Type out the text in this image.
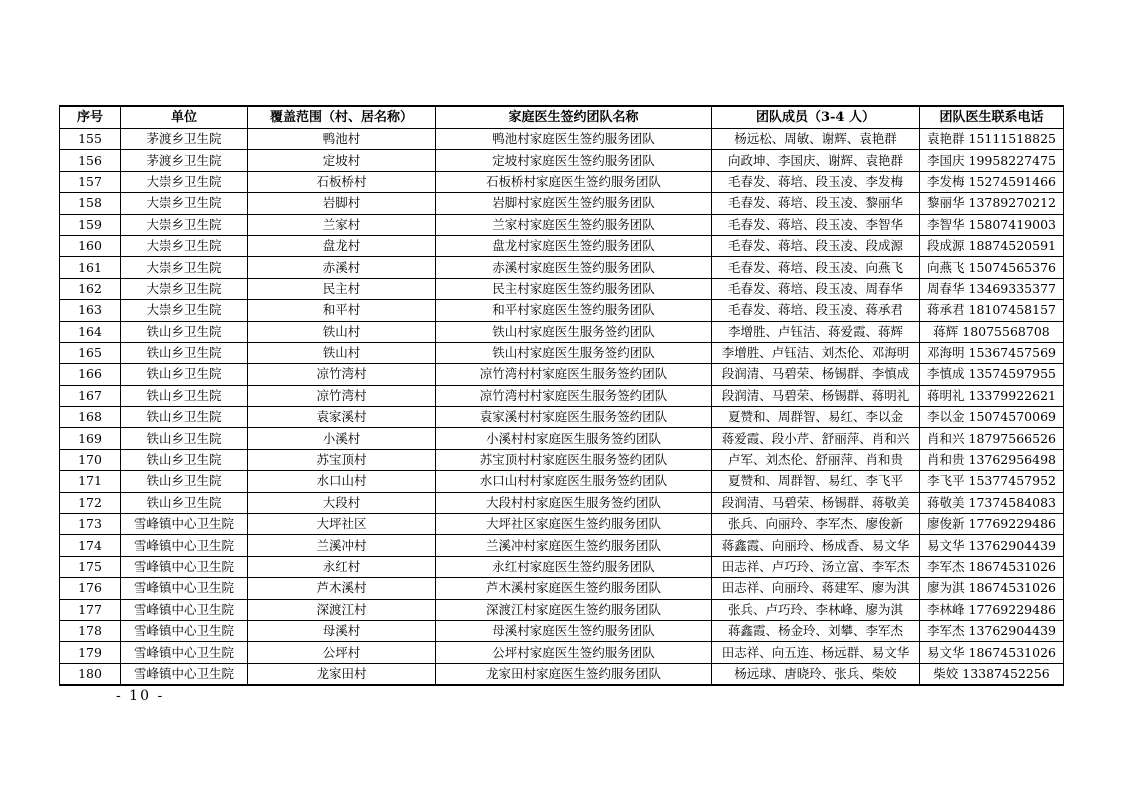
序号	单位	覆盖范围（村、居名称）	家庭医生签约团队名称	团队成员（3-4 人）	团队医生联系电话
155	茅渡乡卫生院	鸭池村	鸭池村家庭医生签约服务团队	杨远松、周敏、谢辉、袁艳群	袁艳群 15111518825
156	茅渡乡卫生院	定坡村	定坡村家庭医生签约服务团队	向政坤、李国庆、谢辉、袁艳群	李国庆 19958227475
157	大崇乡卫生院	石板桥村	石板桥村家庭医生签约服务团队	毛春发、蒋培、段玉凌、李发梅	李发梅 15274591466
158	大崇乡卫生院	岩脚村	岩脚村家庭医生签约服务团队	毛春发、蒋培、段玉凌、黎丽华	黎丽华 13789270212
159	大崇乡卫生院	兰家村	兰家村家庭医生签约服务团队	毛春发、蒋培、段玉凌、李智华	李智华 15807419003
160	大崇乡卫生院	盘龙村	盘龙村家庭医生签约服务团队	毛春发、蒋培、段玉凌、段成源	段成源 18874520591
161	大崇乡卫生院	赤溪村	赤溪村家庭医生签约服务团队	毛春发、蒋培、段玉凌、向燕飞	向燕飞 15074565376
162	大崇乡卫生院	民主村	民主村家庭医生签约服务团队	毛春发、蒋培、段玉凌、周春华	周春华 13469335377
163	大崇乡卫生院	和平村	和平村家庭医生签约服务团队	毛春发、蒋培、段玉凌、蒋承君	蒋承君 18107458157
164	铁山乡卫生院	铁山村	铁山村家庭医生服务签约团队	李增胜、卢钰洁、蒋爱霞、蒋辉	蒋辉 18075568708
165	铁山乡卫生院	铁山村	铁山村家庭医生服务签约团队	李增胜、卢钰洁、刘杰伦、邓海明	邓海明 15367457569
166	铁山乡卫生院	凉竹湾村	凉竹湾村村家庭医生服务签约团队	段润清、马碧荣、杨锡群、李慎成	李慎成 13574597955
167	铁山乡卫生院	凉竹湾村	凉竹湾村村家庭医生服务签约团队	段润清、马碧荣、杨锡群、蒋明礼	蒋明礼 13379922621
168	铁山乡卫生院	袁家溪村	袁家溪村村家庭医生服务签约团队	夏赞和、周群智、易红、李以金	李以金 15074570069
169	铁山乡卫生院	小溪村	小溪村村家庭医生服务签约团队	蒋爱霞、段小芹、舒丽萍、肖和兴	肖和兴 18797566526
170	铁山乡卫生院	苏宝顶村	苏宝顶村村家庭医生服务签约团队	卢军、刘杰伦、舒丽萍、肖和贵	肖和贵 13762956498
171	铁山乡卫生院	水口山村	水口山村村家庭医生服务签约团队	夏赞和、周群智、易红、李飞平	李飞平 15377457952
172	铁山乡卫生院	大段村	大段村村家庭医生服务签约团队	段润清、马碧荣、杨锡群、蒋敬美	蒋敬美 17374584083
173	雪峰镇中心卫生院	大坪社区	大坪社区家庭医生签约服务团队	张兵、向丽玲、李军杰、廖俊新	廖俊新 17769229486
174	雪峰镇中心卫生院	兰溪冲村	兰溪冲村家庭医生签约服务团队	蒋鑫霞、向丽玲、杨成香、易文华	易文华 13762904439
175	雪峰镇中心卫生院	永红村	永红村家庭医生签约服务团队	田志祥、卢巧玲、汤立富、李军杰	李军杰 18674531026
176	雪峰镇中心卫生院	芦木溪村	芦木溪村家庭医生签约服务团队	田志祥、向丽玲、蒋建军、廖为淇	廖为淇 18674531026
177	雪峰镇中心卫生院	深渡江村	深渡江村家庭医生签约服务团队	张兵、卢巧玲、李林峰、廖为淇	李林峰 17769229486
178	雪峰镇中心卫生院	母溪村	母溪村家庭医生签约服务团队	蒋鑫霞、杨金玲、刘攀、李军杰	李军杰 13762904439
179	雪峰镇中心卫生院	公坪村	公坪村家庭医生签约服务团队	田志祥、向五连、杨远群、易文华	易文华 18674531026
180	雪峰镇中心卫生院	龙家田村	龙家田村家庭医生签约服务团队	杨远球、唐晓玲、张兵、柴姣	柴姣 13387452256
- 10 -
